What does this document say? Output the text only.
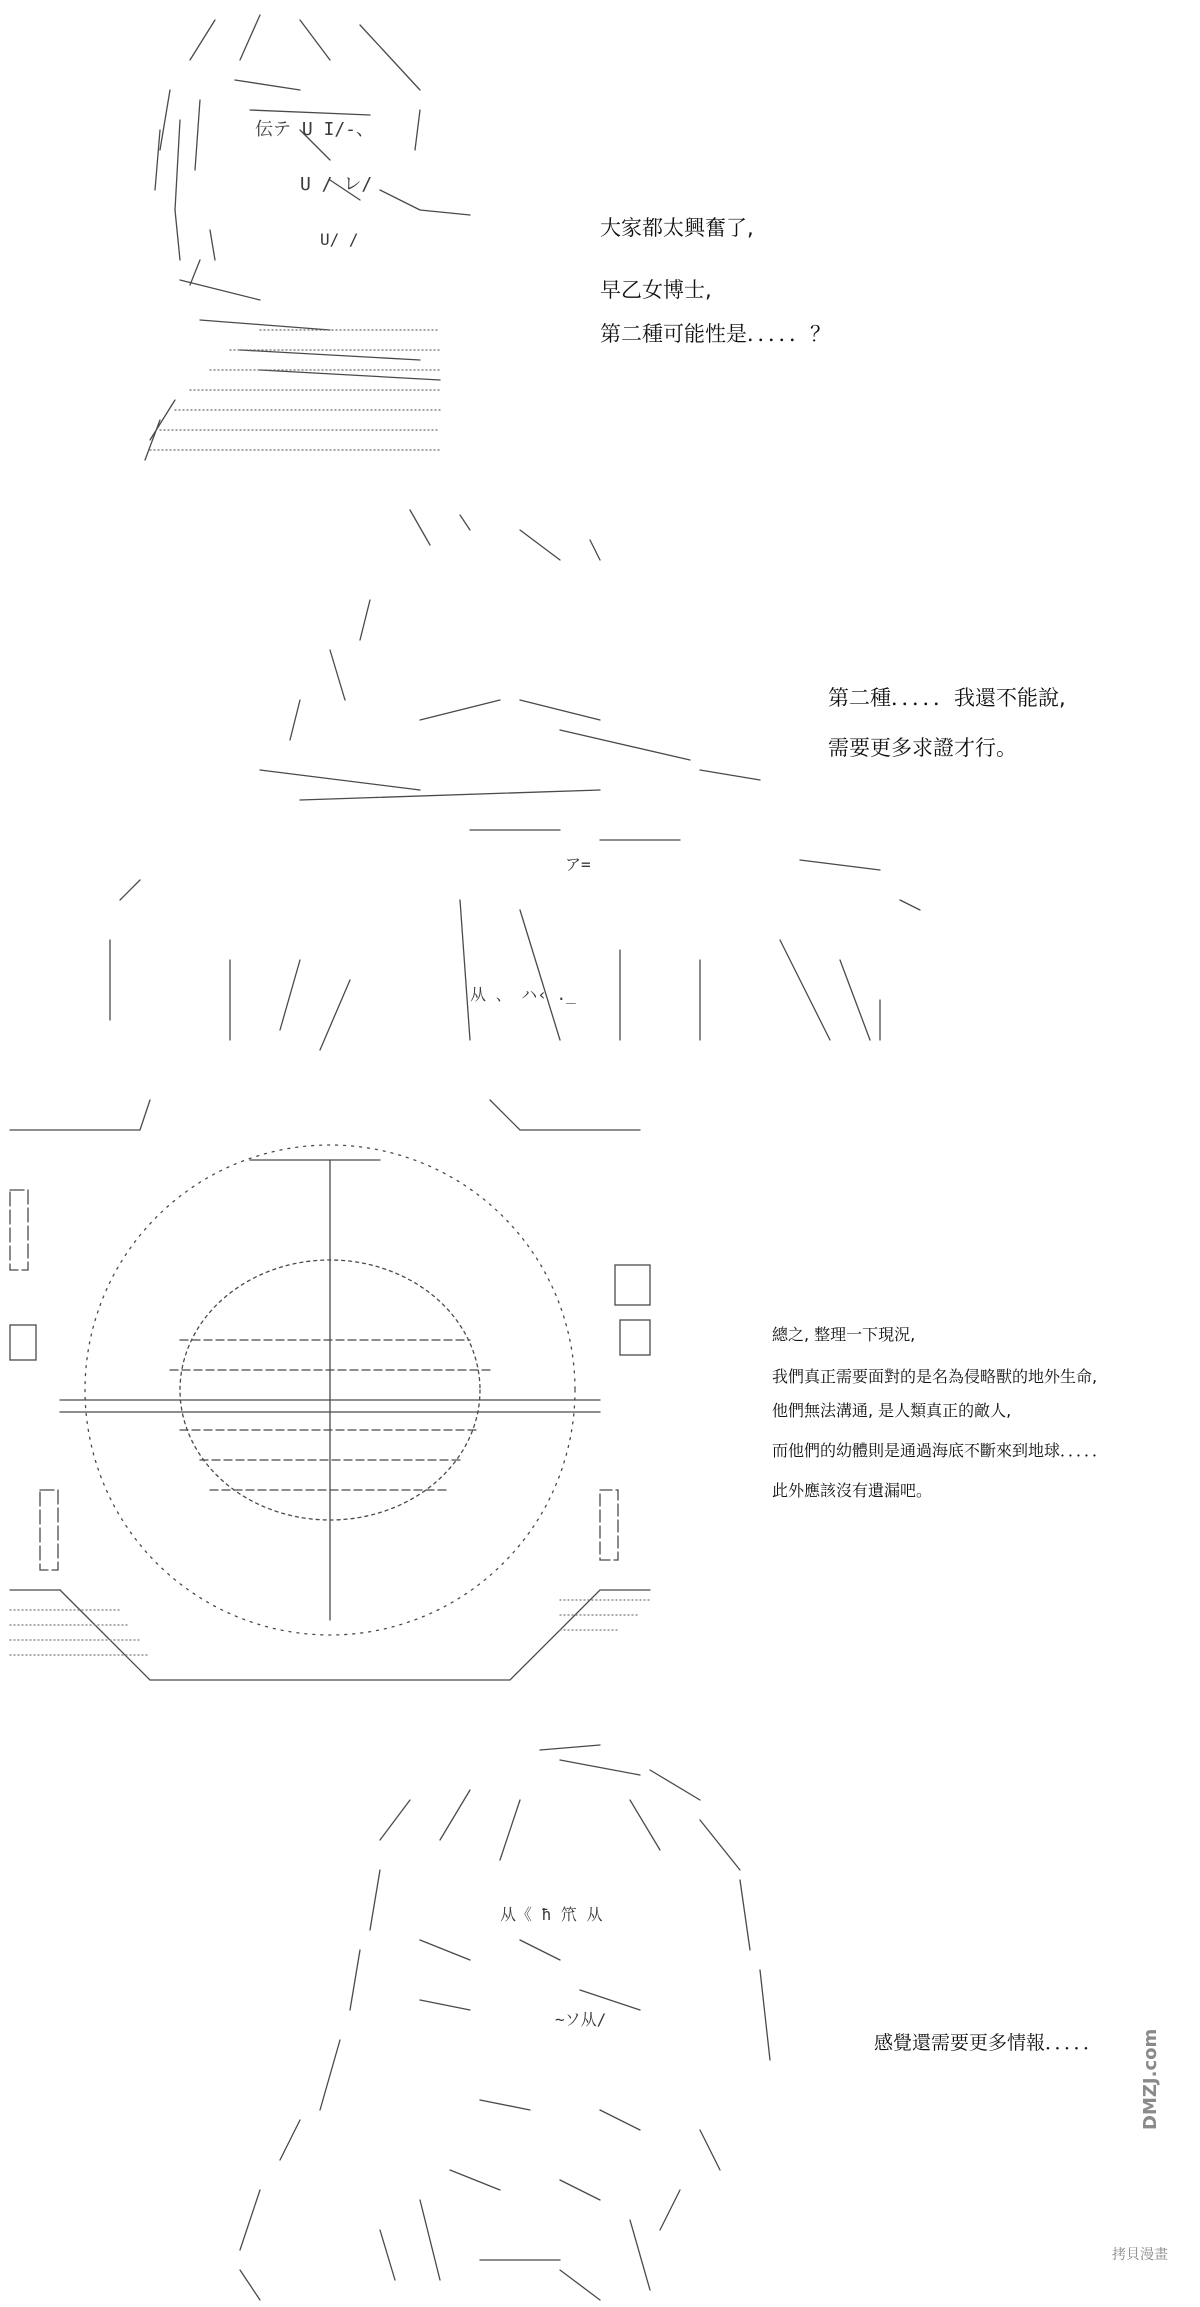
伝テ U I/-、
U / レ/
U/ /
从 、 ハ‹ ._
ア=
从《 ħ 笊 从
~ソ从/
大家都太興奮了,
早乙女博士,
第二種可能性是．．．．．？
第二種．．．．．我還不能說,
需要更多求證才行。
總之, 整理一下現況,
我們真正需要面對的是名為侵略獸的地外生命,
他們無法溝通, 是人類真正的敵人,
而他們的幼體則是通過海底不斷來到地球．．．．．
此外應該沒有遺漏吧。
感覺還需要更多情報．．．．．
拷貝漫畫
DMZJ.com
